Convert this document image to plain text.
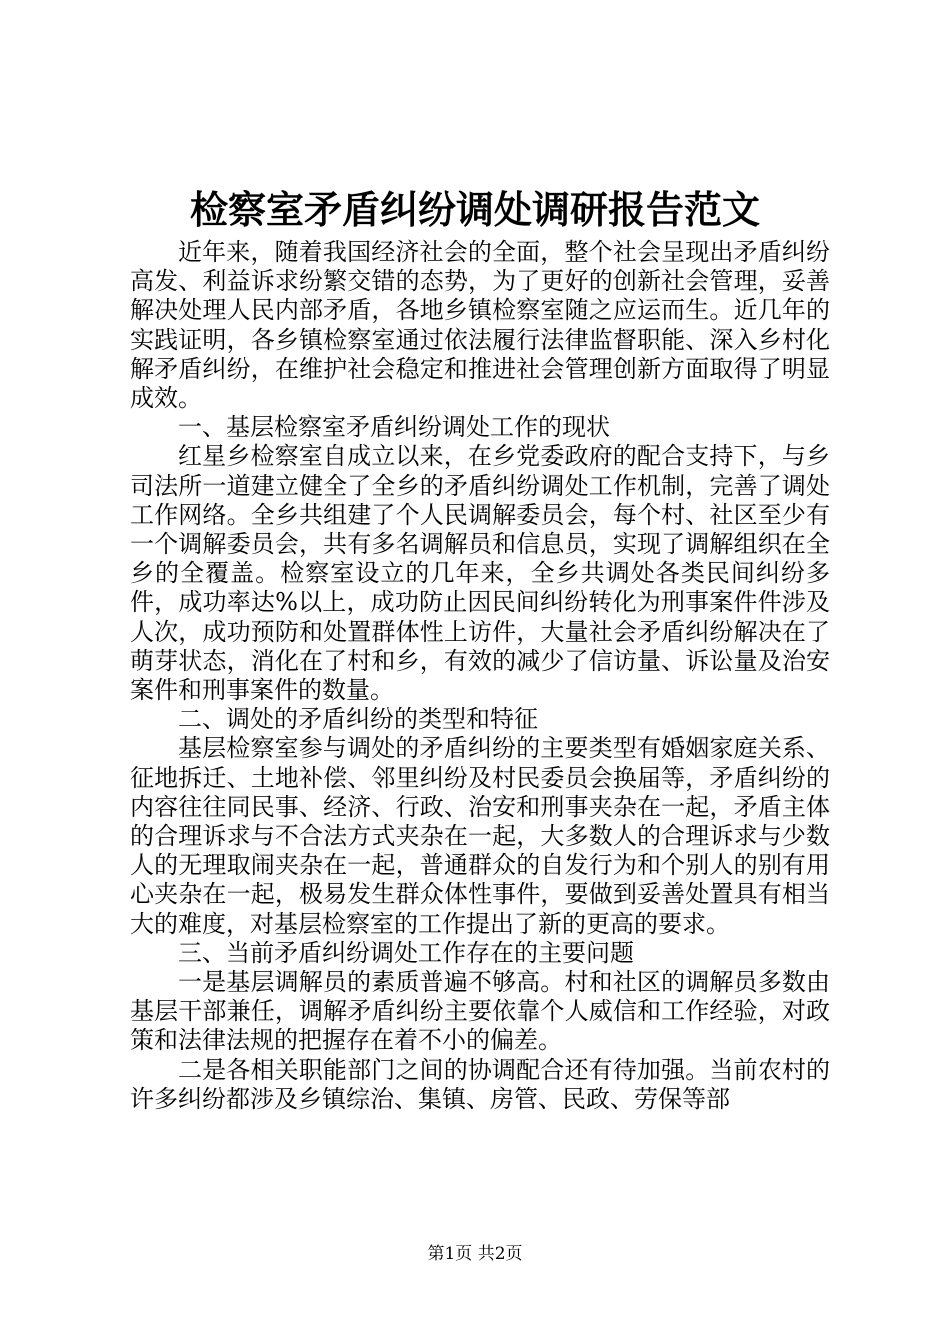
检察室矛盾纠纷调处调研报告范文

近年来，随着我国经济社会的全面，整个社会呈现出矛盾纠纷高发、利益诉求纷繁交错的态势，为了更好的创新社会管理，妥善解决处理人民内部矛盾，各地乡镇检察室随之应运而生。近几年的实践证明，各乡镇检察室通过依法履行法律监督职能、深入乡村化解矛盾纠纷，在维护社会稳定和推进社会管理创新方面取得了明显成效。

一、基层检察室矛盾纠纷调处工作的现状

红星乡检察室自成立以来，在乡党委政府的配合支持下，与乡司法所一道建立健全了全乡的矛盾纠纷调处工作机制，完善了调处工作网络。全乡共组建了个人民调解委员会，每个村、社区至少有一个调解委员会，共有多名调解员和信息员，实现了调解组织在全乡的全覆盖。检察室设立的几年来，全乡共调处各类民间纠纷多件，成功率达%以上，成功防止因民间纠纷转化为刑事案件件涉及人次，成功预防和处置群体性上访件，大量社会矛盾纠纷解决在了萌芽状态，消化在了村和乡，有效的减少了信访量、诉讼量及治安案件和刑事案件的数量。

二、调处的矛盾纠纷的类型和特征

基层检察室参与调处的矛盾纠纷的主要类型有婚姻家庭关系、征地拆迁、土地补偿、邻里纠纷及村民委员会换届等，矛盾纠纷的内容往往同民事、经济、行政、治安和刑事夹杂在一起，矛盾主体的合理诉求与不合法方式夹杂在一起，大多数人的合理诉求与少数人的无理取闹夹杂在一起，普通群众的自发行为和个别人的别有用心夹杂在一起，极易发生群众体性事件，要做到妥善处置具有相当大的难度，对基层检察室的工作提出了新的更高的要求。

三、当前矛盾纠纷调处工作存在的主要问题

一是基层调解员的素质普遍不够高。村和社区的调解员多数由基层干部兼任，调解矛盾纠纷主要依靠个人威信和工作经验，对政策和法律法规的把握存在着不小的偏差。

二是各相关职能部门之间的协调配合还有待加强。当前农村的许多纠纷都涉及乡镇综治、集镇、房管、民政、劳保等部

第1页 共2页
